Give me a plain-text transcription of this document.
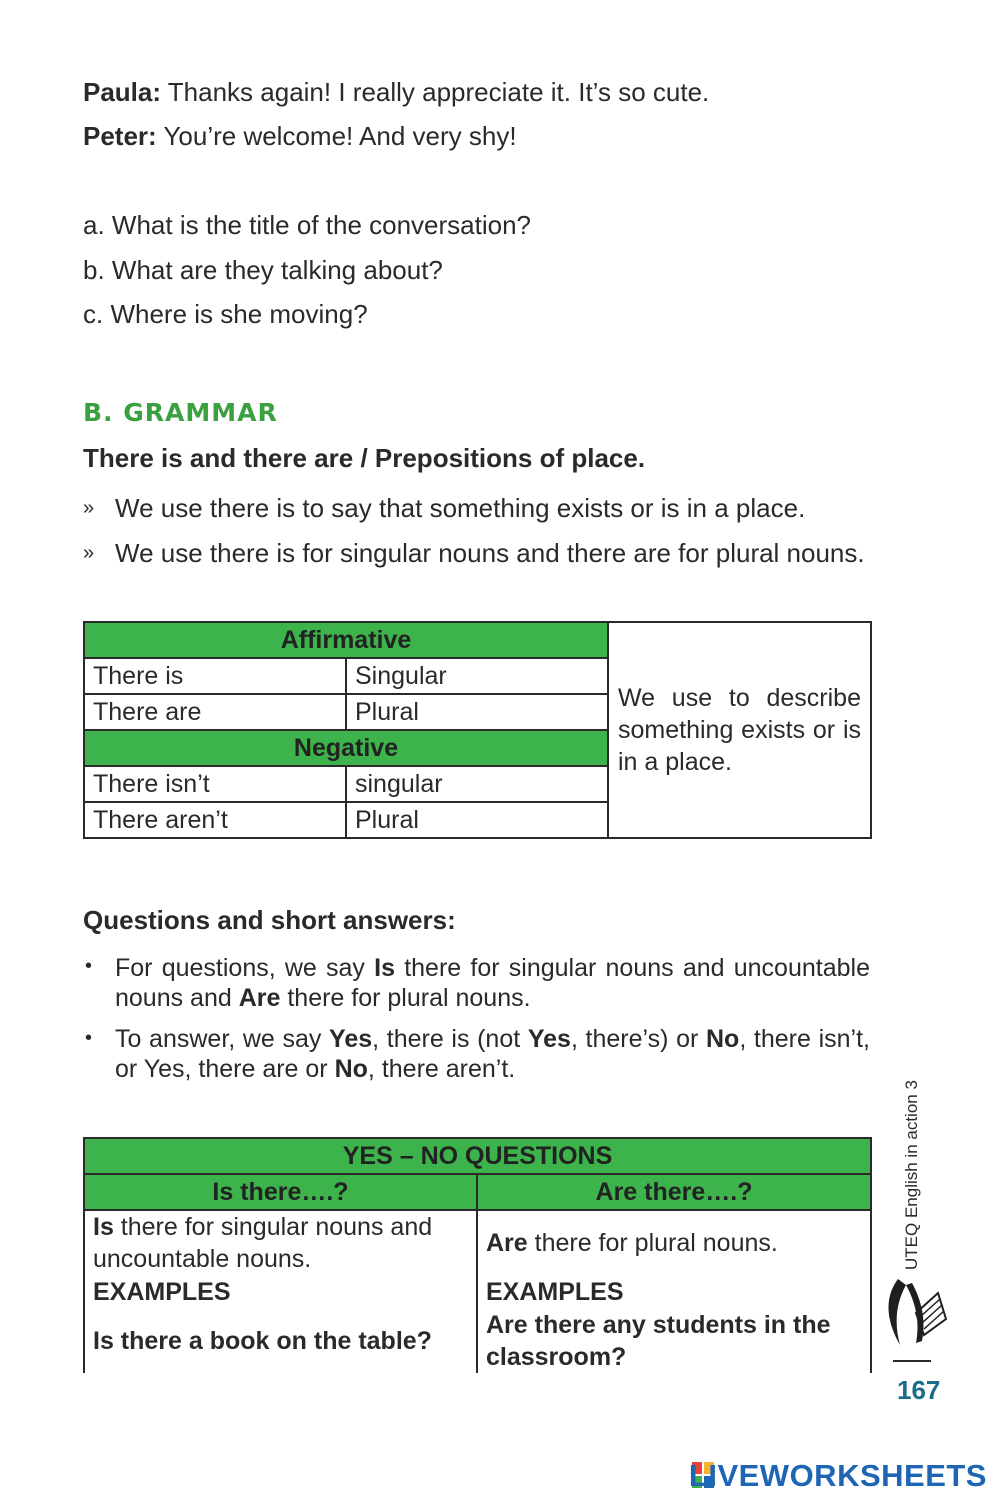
Paula: Thanks again! I really appreciate it. It’s so cute.
Peter: You’re welcome! And very shy!
a. What is the title of the conversation?
b. What are they talking about?
c. Where is she moving?
B. GRAMMAR
There is and there are / Prepositions of place.
» We use there is to say that something exists or is in a place.
» We use there is for singular nouns and there are for plural nouns.
Affirmative		We use to describe something exists or is in a place.
There is	Singular	
There are	Plural	
Negative		
There isn’t	singular	
There aren’t	Plural	
Questions and short answers:
• For questions, we say Is there for singular nouns and uncountable nouns and Are there for plural nouns.
• To answer, we say Yes, there is (not Yes, there’s) or No, there isn’t, or Yes, there are or No, there aren’t.
YES – NO QUESTIONS	
Is there….?	Are there….?
Is there for singular nouns and uncountable nouns.	Are there for plural nouns.
EXAMPLES	EXAMPLES
Is there a book on the table?	Are there any students in the classroom?
UTEQ English in action 3
167
LIVEWORKSHEETS
